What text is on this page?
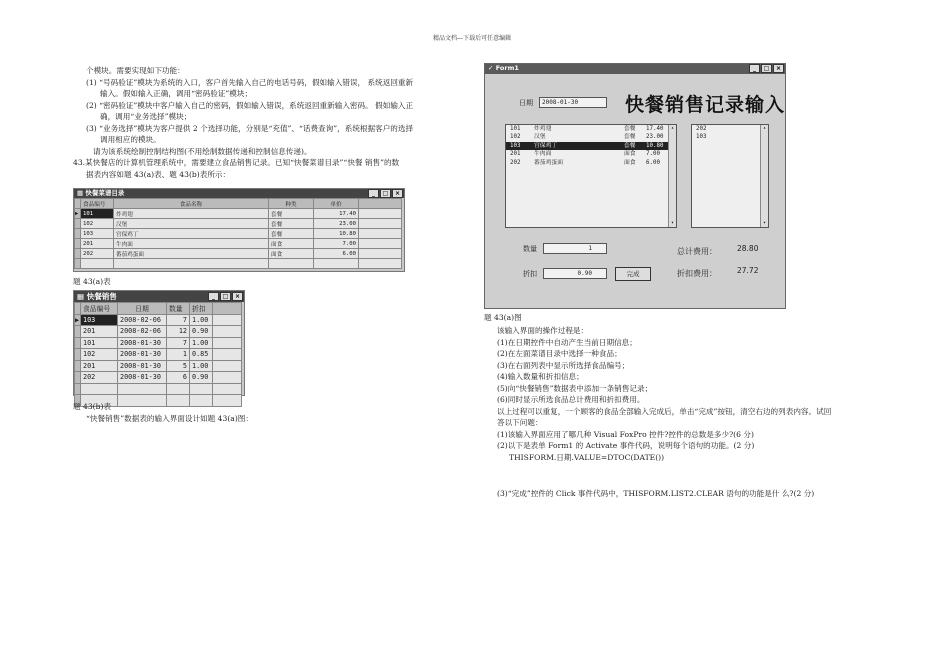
精品文档---下载后可任意编辑
个模块。需要实现如下功能：
(1) “号码验证”模块为系统的入口，客户首先输入自己的电话号码，假如输入错误， 系统返回重新
输入。假如输入正确，调用“密码验证”模块；
(2) “密码验证”模块中客户输入自己的密码，假如输入错误，系统返回重新输入密码。 假如输入正
确，调用“业务选择”模块；
(3) “业务选择”模块为客户提供 2 个选择功能，分别是“充值”、“话费查询”，系统根据客户的选择
调用相应的模块。
请为该系统绘制控制结构图(不用绘制数据传递和控制信息传递)。
43.某快餐店的计算机管理系统中，需要建立食品销售记录。已知“快餐菜谱目录”“快餐 销售”的数
据表内容如题 43(a)表、题 43(b)表所示：
▦ 快餐菜谱目录	_ □ ×
	食品编号	食品名称	种类	单价	
▶	101	炸鸡翅	套餐	17.40	
	102	汉堡	套餐	23.00	
	103	宫保鸡丁	套餐	10.80	
	201	牛肉面	面食	7.00	
	202	番茄鸡蛋面	面食	6.00	

题 43(a)表
▦ 快餐销售	_ □ ×
	食品编号	日期	数量	折扣	
▶	103	2008-02-06	7	1.00	
	201	2008-02-06	12	0.90	
	101	2008-01-30	7	1.00	
	102	2008-01-30	1	0.85	
	201	2008-01-30	5	1.00	
	202	2008-01-30	6	0.90	

题 43(b)表
“快餐销售”数据表的输入界面设计如题 43(a)图：
✓ Form1	_ □ ×
日期	2008-01-30	快餐销售记录输入
101 炸鸡翅	套餐 17.40
102 汉堡	套餐 23.00
103 宫保鸡丁	套餐 10.80
201 牛肉面	面食 7.00
202 番茄鸡蛋面	面食 6.00
▴
▾
202
103
▴
▾
数量	1
折扣	0.90	完成
总计费用：	28.80
折扣费用：	27.72
题 43(a)图
该输入界面的操作过程是：
(1)在日期控件中自动产生当前日期信息；
(2)在左面菜谱目录中选择一种食品；
(3)在右面列表中显示所选择食品编号；
(4)输入数量和折扣信息；
(5)向“快餐销售”数据表中添加一条销售记录；
(6)同时显示所选食品总计费用和折扣费用。
以上过程可以重复，一个顾客的食品全部输入完成后，单击“完成”按钮，清空右边的列表内容。试回
答以下问题：
(1)该输入界面应用了哪几种 Visual FoxPro 控件?控件的总数是多少?(6 分)
(2)以下是表单 Form1 的 Activate 事件代码，说明每个语句的功能。(2 分)
THISFORM.日期.VALUE=DTOC(DATE())
(3)“完成”控件的 Click 事件代码中，THISFORM.LIST2.CLEAR 语句的功能是什 么?(2 分)
